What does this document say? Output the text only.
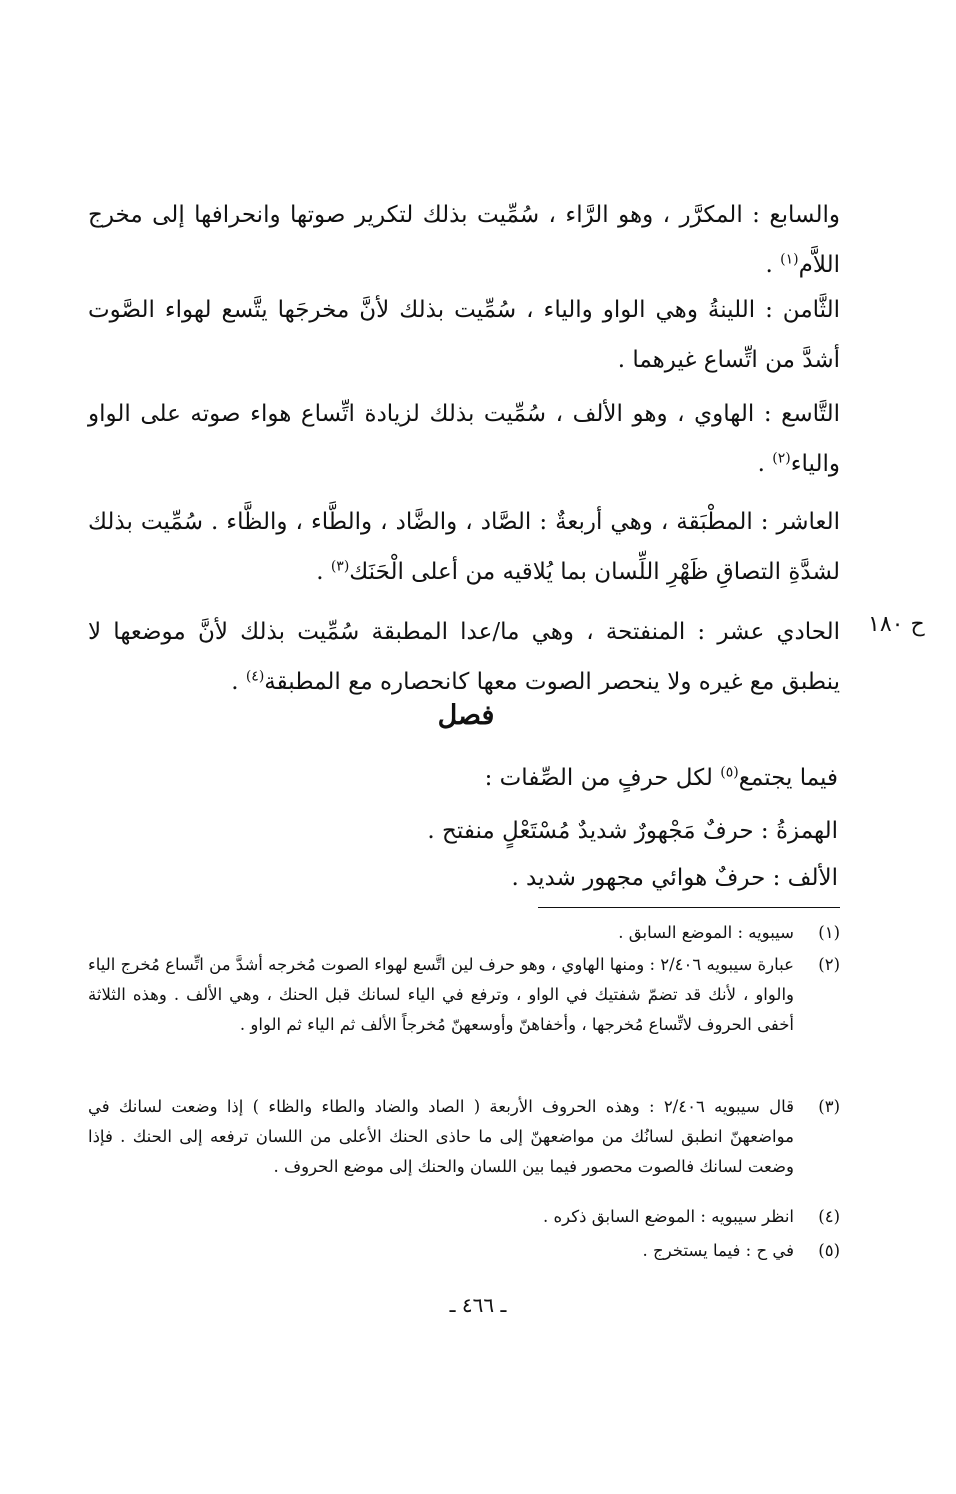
والسابع : المكرَّر ، وهو الرَّاء ، سُمِّيت بذلك لتكرير صوتها وانحرافها إلى مخرج اللاَّم$^{(١)}$ .

الثَّامن : اللينةُ وهي الواو والياء ، سُمِّيت بذلك لأنَّ مخرجَها يتَّسع لهواء الصَّوت أشدَّ من اتِّساع غيرهما .

التَّاسع : الهاوي ، وهو الألف ، سُمِّيت بذلك لزيادة اتِّساع هواء صوته على الواو والياء$^{(٢)}$ .

العاشر : المطْبَقة ، وهي أربعةٌ : الصَّاد ، والضَّاد ، والطَّاء ، والظَّاء . سُمِّيت بذلك لشدَّةِ التصاقِ ظَهْرِ اللِّسان بما يُلاقيه من أعلى الْحَنَك$^{(٣)}$ .

الحادي عشر : المنفتحة ، وهي ما/عدا المطبقة سُمِّيت بذلك لأنَّ موضعها لا ينطبق مع غيره ولا ينحصر الصوت معها كانحصاره مع المطبقة$^{(٤)}$ .

ح ١٨٠
فصل
فيما يجتمع$^{(٥)}$ لكل حرفٍ من الصِّفات :
الهمزةُ : حرفٌ مَجْهورٌ شديدٌ مُسْتَعْلٍ منفتح .
الألف : حرفٌ هوائي مجهور شديد .
(١)
سيبويه : الموضع السابق .
(٢)
عبارة سيبويه ٢/٤٠٦ : ومنها الهاوي ، وهو حرف لين اتَّسع لهواء الصوت مُخرجه أشدَّ من اتِّساع مُخرج الياء والواو ، لأنك قد تضمّ شفتيك في الواو ، وترفع في الياء لسانك قبل الحنك ، وهي الألف . وهذه الثلاثة أخفى الحروف لاتِّساع مُخرجها ، وأخفاهنّ وأوسعهنّ مُخرجاً الألف ثم الياء ثم الواو .
(٣)
قال سيبويه ٢/٤٠٦ : وهذه الحروف الأربعة ( الصاد والضاد والطاء والظاء ) إذا وضعت لسانك في مواضعهنّ انطبق لسانُك من مواضعهنّ إلى ما حاذى الحنك الأعلى من اللسان ترفعه إلى الحنك . فإذا وضعت لسانك فالصوت محصور فيما بين اللسان والحنك إلى موضع الحروف .
(٤)
انظر سيبويه : الموضع السابق ذكره .
(٥)
في ح : فيما يستخرج .
ـ ٤٦٦ ـ
